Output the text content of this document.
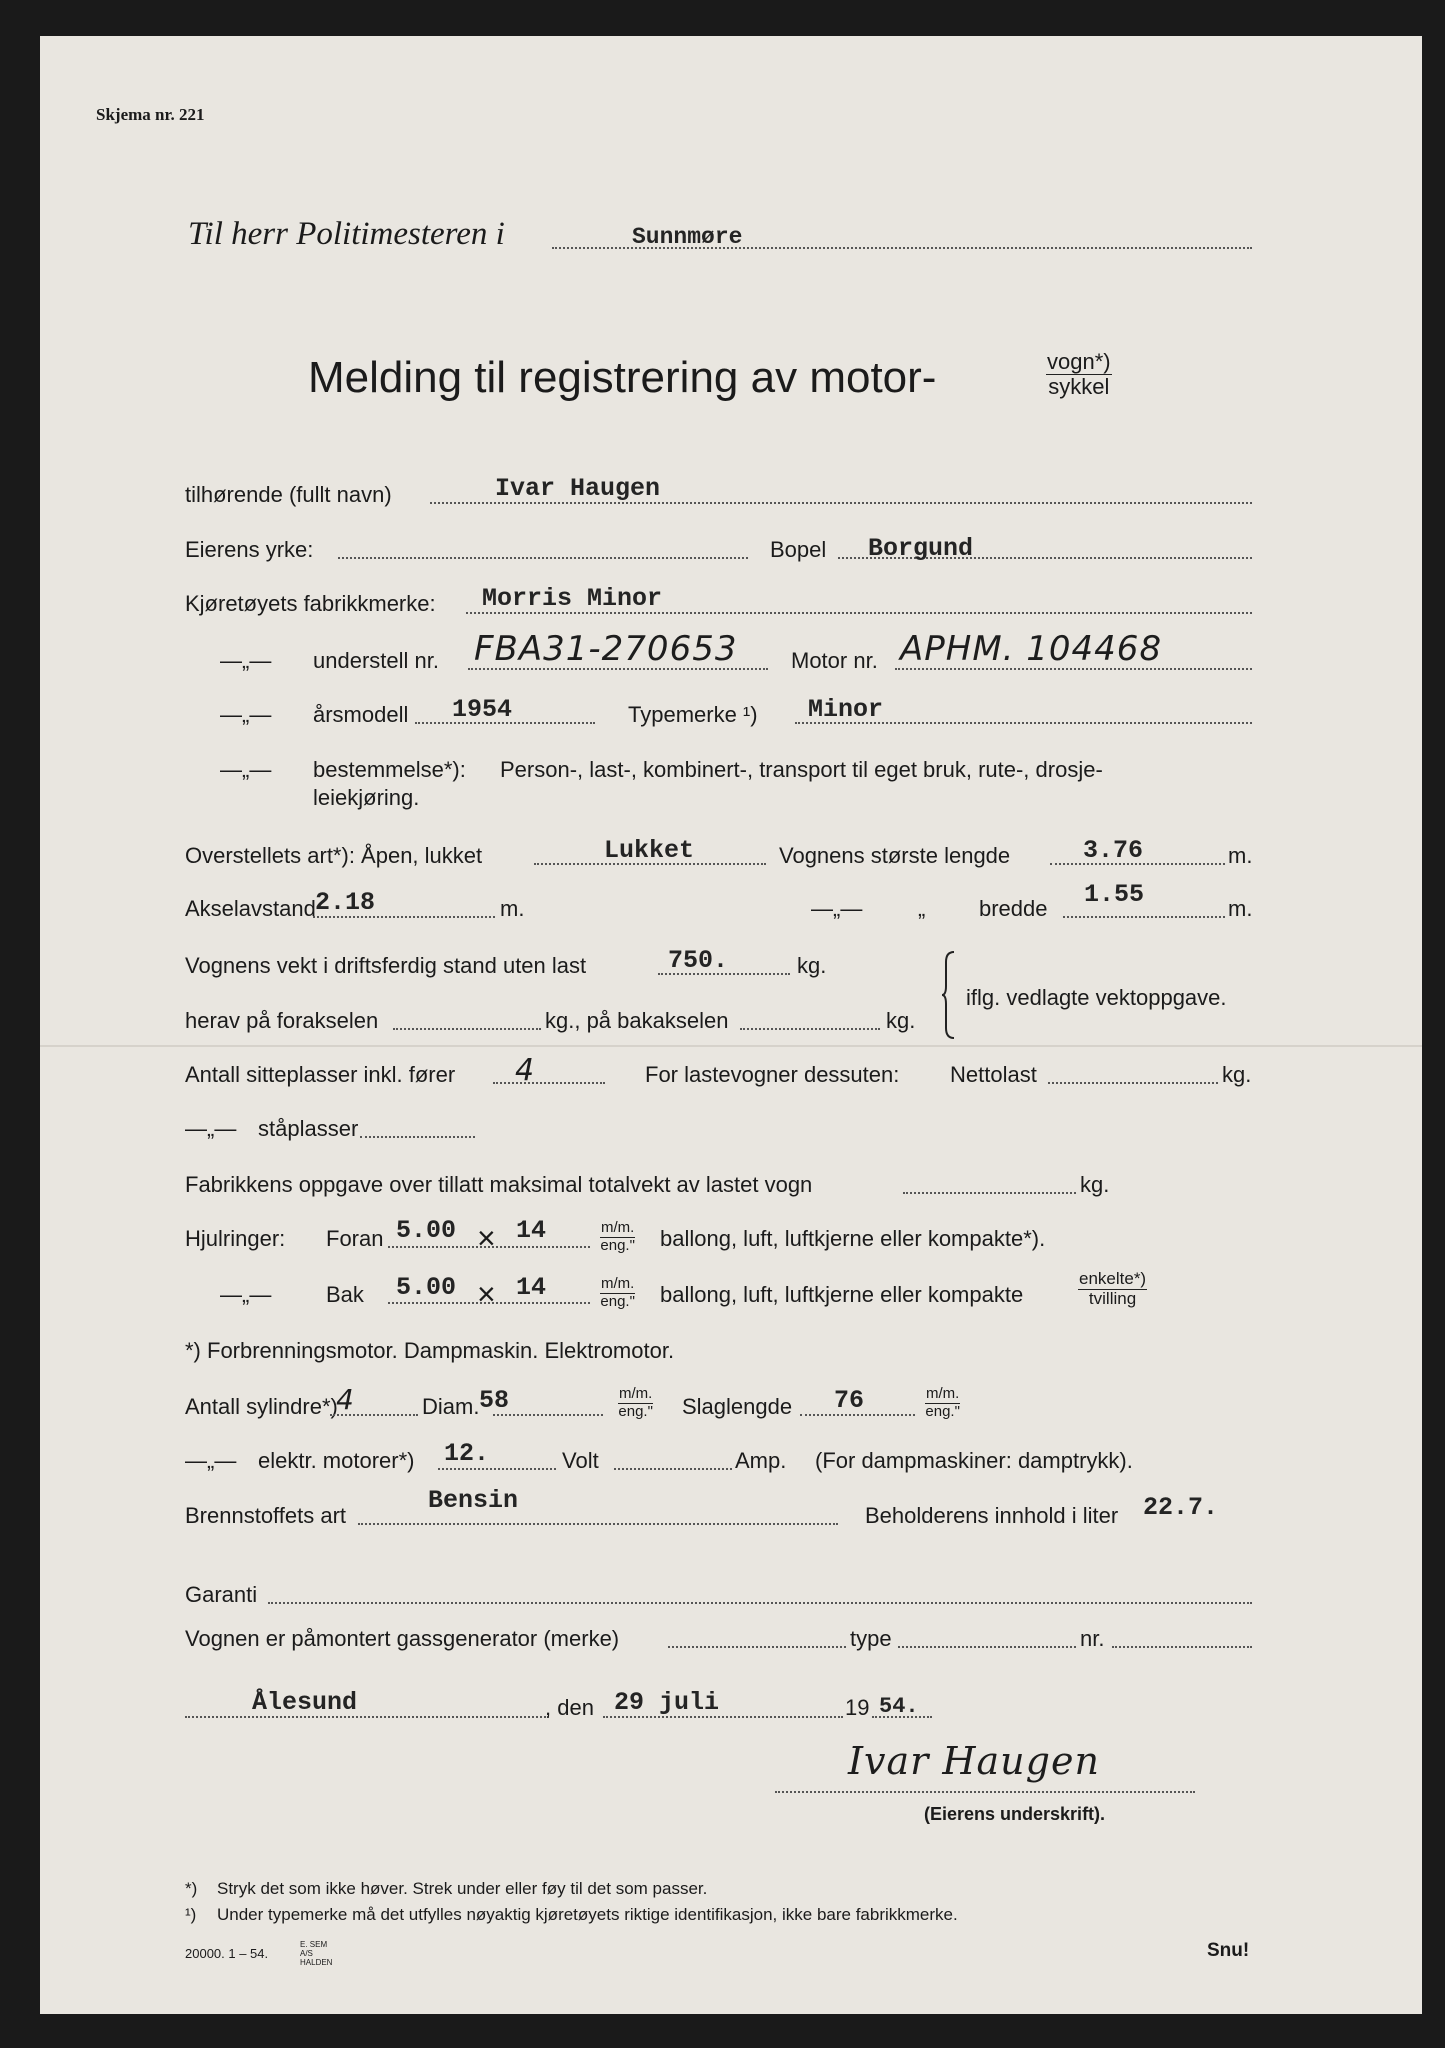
Skjema nr. 221
Til herr Politimesteren i	Sunnmøre
Melding til registrering av motor-	vogn*)
sykkel
tilhørende (fullt navn)	Ivar Haugen
Eierens yrke:	Bopel Borgund
Kjøretøyets fabrikkmerke: Morris Minor
—„— understell nr. FBA31-270653 Motor nr. APHM. 104468
—„— årsmodell 1954	Typemerke ¹) Minor
—„— bestemmelse*): Person-, last-, kombinert-, transport til eget bruk, rute-, drosje-
leiekjøring.
Overstellets art*): Åpen, lukket	Lukket	Vognens største lengde	3.76	m.
Akselavstand 2.18	m.	—„—	„ bredde 1.55	m.
Vognens vekt i driftsferdig stand uten last	750.	kg.
herav på forakselen	kg., på bakakselen	kg.
iflg. vedlagte vektoppgave.
Antall sitteplasser inkl. fører 4	For lastevogner dessuten: Nettolast	kg.
—„— ståplasser
Fabrikkens oppgave over tillatt maksimal totalvekt av lastet vogn	kg.
Hjulringer: Foran 5.00 × 14	m/m.
eng." ballong, luft, luftkjerne eller kompakte*).
—„— Bak 5.00 × 14	m/m.
eng." ballong, luft, luftkjerne eller kompakte
enkelte*)
tvilling
*) Forbrenningsmotor. Dampmaskin. Elektromotor.
Antall sylindre*)
4	Diam. 58	m/m.
eng." Slaglengde 76	m/m.
eng."
—„— elektr. motorer*) 12.	Volt	Amp. (For dampmaskiner: damptrykk).
Brennstoffets art
Bensin
Beholderens innhold i liter 22.7.
Garanti
Vognen er påmontert gassgenerator (merke)	type	nr.
Ålesund	, den 29 juli	19 54.
Ivar Haugen
(Eierens underskrift).
*) Stryk det som ikke høver. Strek under eller føy til det som passer.
¹) Under typemerke må det utfylles nøyaktig kjøretøyets riktige identifikasjon, ikke bare fabrikkmerke.
20000. 1 – 54.
E. SEM A/S HALDEN
Snu!
